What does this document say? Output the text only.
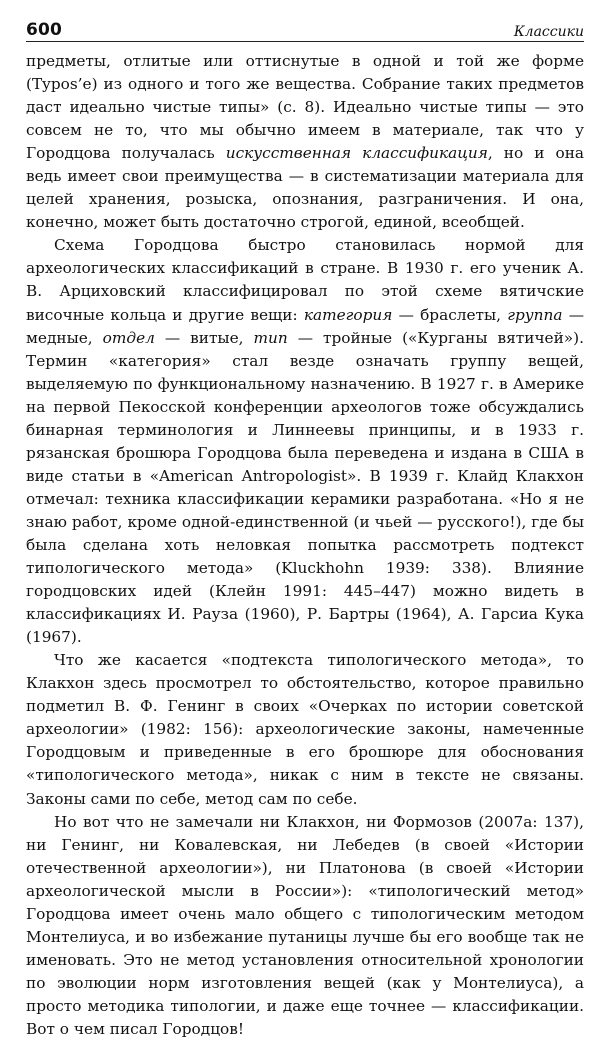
600	Классики

предметы, отлитые или оттиснутые в одной и той же форме (Typos’e) из одного и того же вещества. Собрание таких предметов даст идеально чистые типы» (с. 8). Идеально чистые типы — это совсем не то, что мы обычно имеем в материале, так что у Городцова получалась искусственная классификация, но и она ведь имеет свои преимущества — в систематизации материала для целей хранения, розыска, опознания, разграничения. И она, конечно, может быть достаточно строгой, единой, всеобщей.

Схема Городцова быстро становилась нормой для археологических классификаций в стране. В 1930 г. его ученик А. В. Арциховский классифицировал по этой схеме вятичские височные кольца и другие вещи: категория — браслеты, группа — медные, отдел — витые, тип — тройные («Курганы вятичей»). Термин «категория» стал везде означать группу вещей, выделяемую по функциональному назначению. В 1927 г. в Америке на первой Пекосской конференции археологов тоже обсуждались бинарная терминология и Линнеевы принципы, и в 1933 г. рязанская брошюра Городцова была переведена и издана в США в виде статьи в «American Antropologist». В 1939 г. Клайд Клакхон отмечал: техника классификации керамики разработана. «Но я не знаю работ, кроме одной-единственной (и чьей — русского!), где бы была сделана хоть неловкая попытка рассмотреть подтекст типологического метода» (Kluckhohn 1939: 338). Влияние городцовских идей (Клейн 1991: 445–447) можно видеть в классификациях И. Рауза (1960), Р. Бартры (1964), А. Гарсиа Кука (1967).

Что же касается «подтекста типологического метода», то Клакхон здесь просмотрел то обстоятельство, которое правильно подметил В. Ф. Генинг в своих «Очерках по истории советской археологии» (1982: 156): археологические законы, намеченные Городцовым и приведенные в его брошюре для обоснования «типологического метода», никак с ним в тексте не связаны. Законы сами по себе, метод сам по себе.

Но вот что не замечали ни Клакхон, ни Формозов (2007а: 137), ни Генинг, ни Ковалевская, ни Лебедев (в своей «Истории отечественной археологии»), ни Платонова (в своей «Истории археологической мысли в России»): «типологический метод» Городцова имеет очень мало общего с типологическим методом Монтелиуса, и во избежание путаницы лучше бы его вообще так не именовать. Это не метод установления относительной хронологии по эволюции норм изготовления вещей (как у Монтелиуса), а просто методика типологии, и даже еще точнее — классификации. Вот о чем писал Городцов!
